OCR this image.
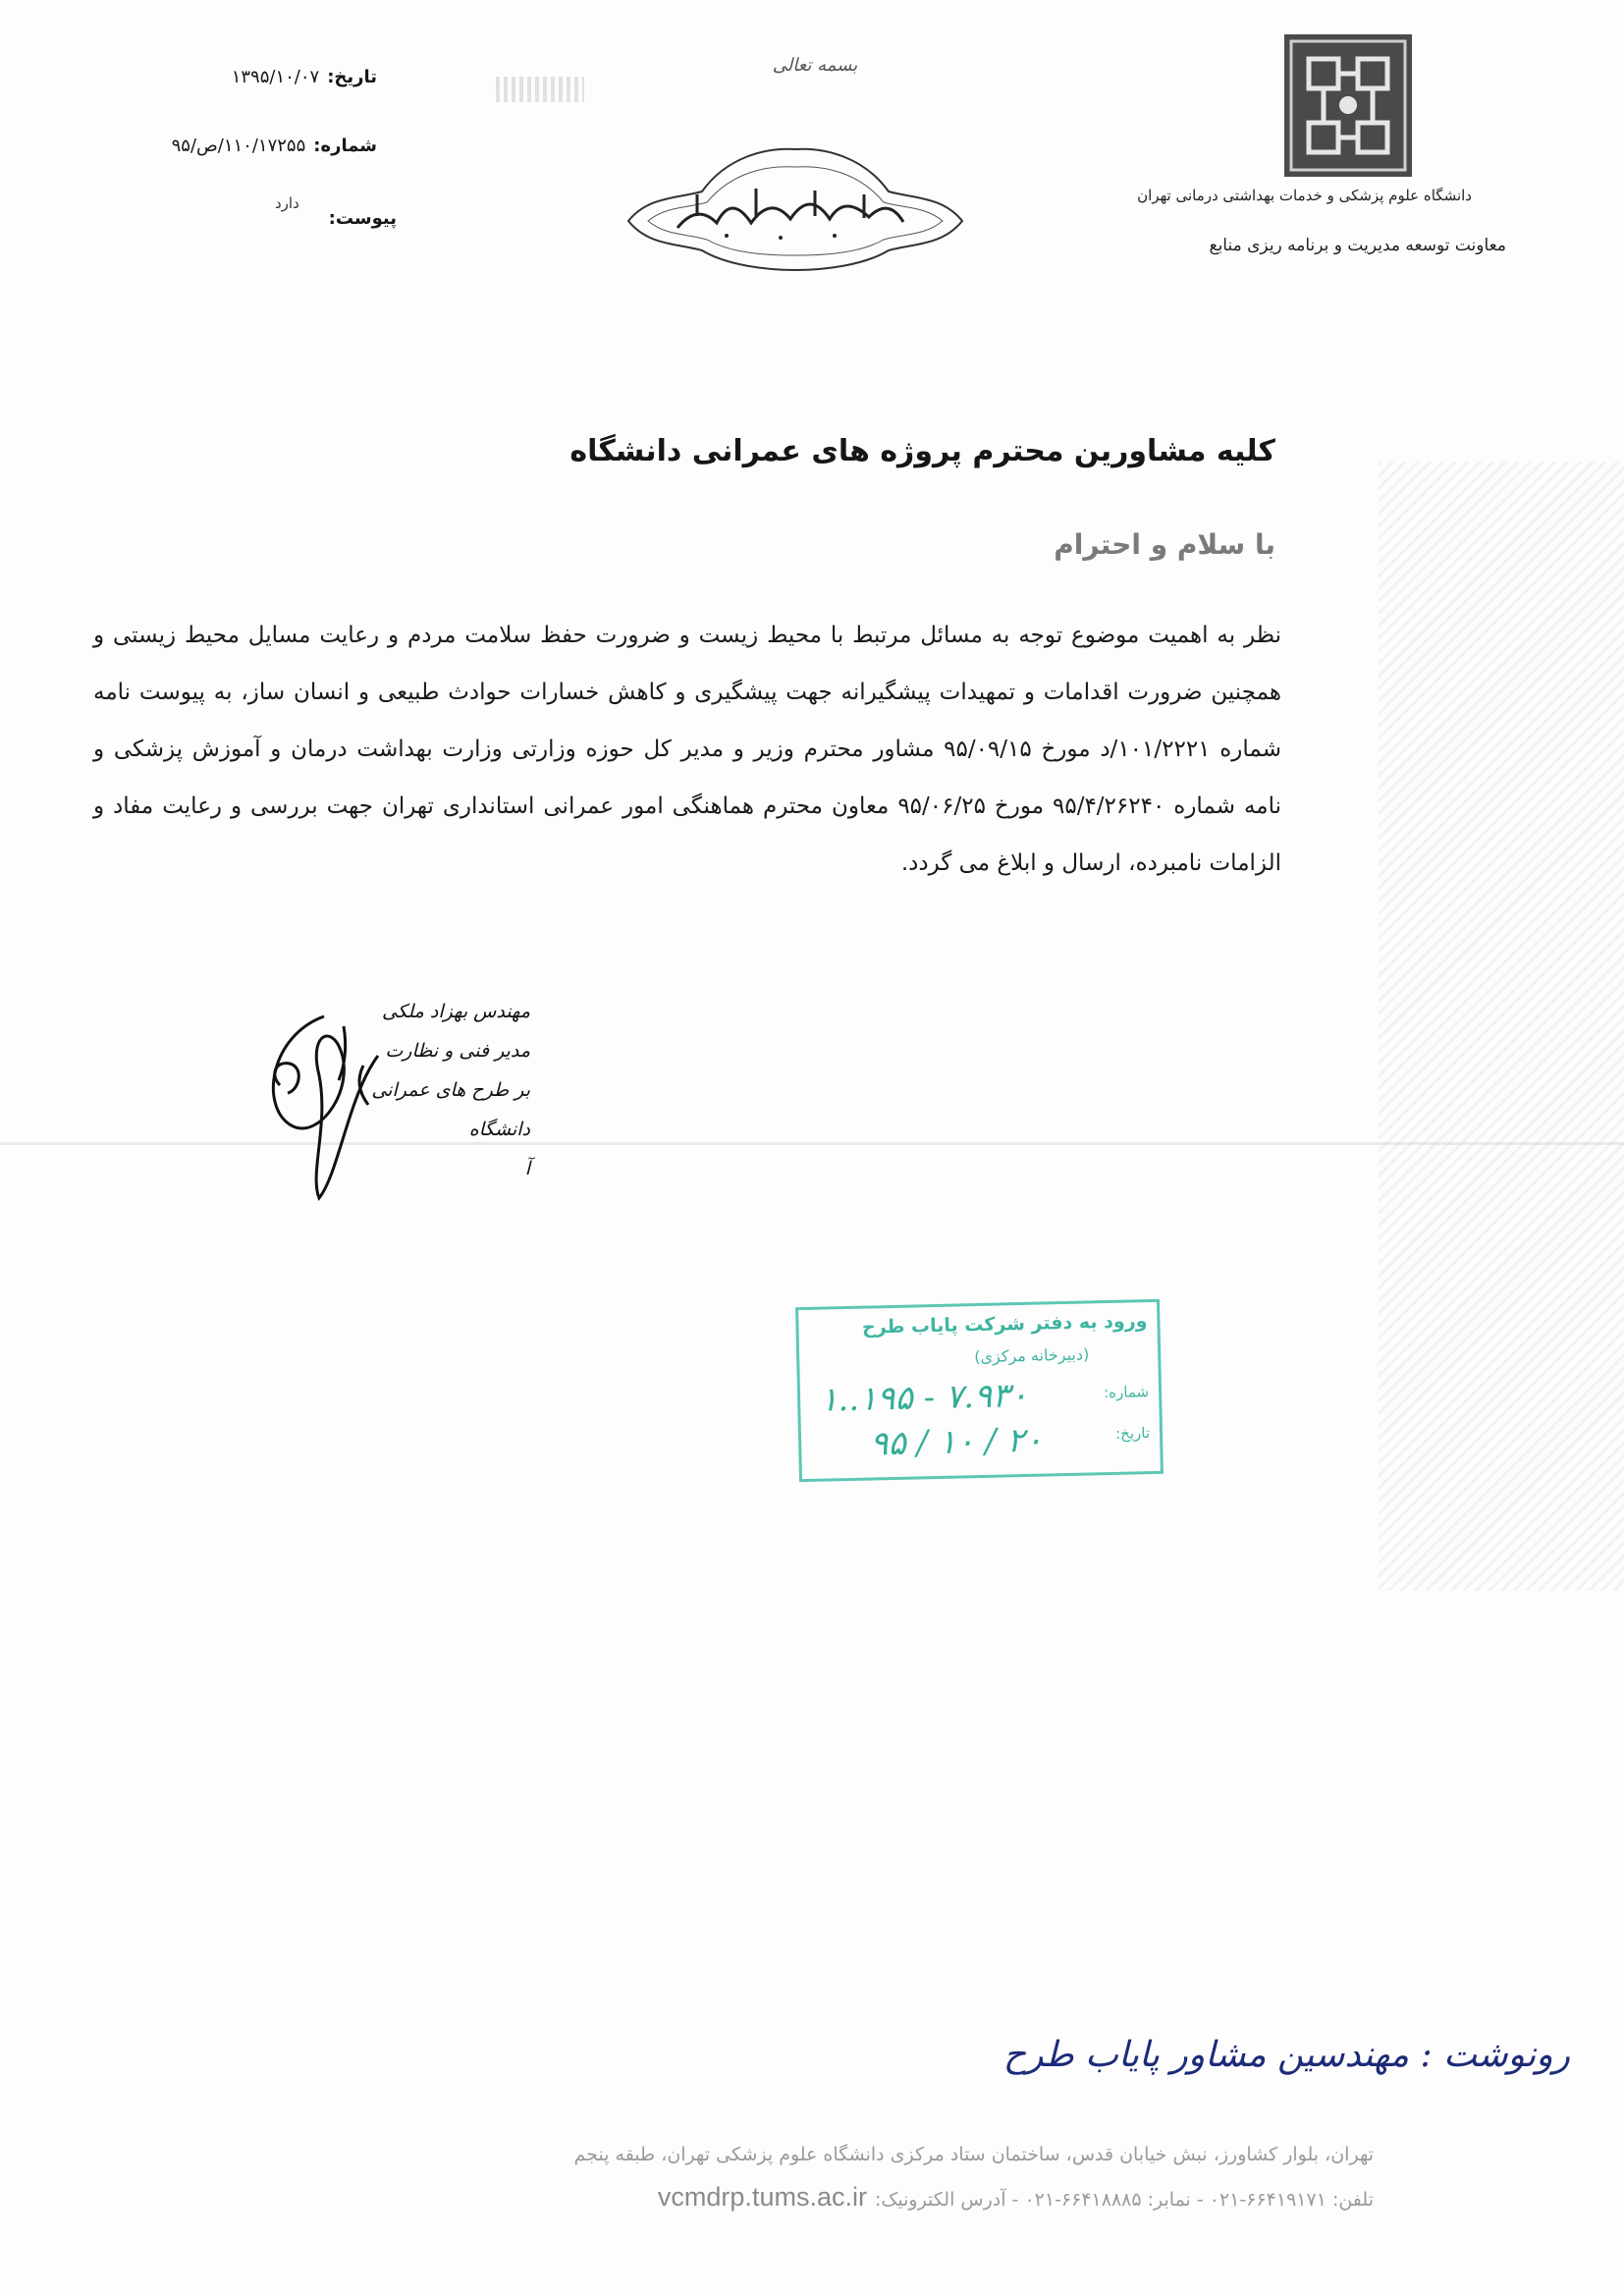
تاریخ:۱۳۹۵/۱۰/۰۷
شماره:۱۱۰/۱۷۲۵۵/ص/۹۵
پیوست:
دارد
بسمه تعالی
دانشگاه علوم پزشکی و خدمات بهداشتی درمانی تهران
معاونت توسعه مدیریت و برنامه ریزی منابع
کلیه مشاورین محترم پروژه های عمرانی دانشگاه
با سلام و احترام
نظر به اهمیت موضوع توجه به مسائل مرتبط با محیط زیست و ضرورت حفظ سلامت مردم و رعایت مسایل محیط زیستی و همچنین ضرورت اقدامات و تمهیدات پیشگیرانه جهت پیشگیری و کاهش خسارات حوادث طبیعی و انسان ساز، به پیوست نامه شماره ۱۰۱/۲۲۲۱/د مورخ ۹۵/۰۹/۱۵ مشاور محترم وزیر و مدیر کل حوزه وزارتی وزارت بهداشت درمان و آموزش پزشکی و نامه شماره ۹۵/۴/۲۶۲۴۰ مورخ ۹۵/۰۶/۲۵ معاون محترم هماهنگی امور عمرانی استانداری تهران جهت بررسی و رعایت مفاد و الزامات نامبرده، ارسال و ابلاغ می گردد.
مهندس بهزاد ملکی
مدیر فنی و نظارت
بر طرح های عمرانی دانشگاه
آ
ورود به دفتر شرکت پایاب طرح
(دبیرخانه مرکزی)
شماره:
تاریخ:
۱..۱۹۵ - ۷.۹۳۰
۹۵ / ۱۰ / ۲۰
رونوشت : مهندسین مشاور پایاب طرح
تهران، بلوار کشاورز، نبش خیابان قدس، ساختمان ستاد مرکزی دانشگاه علوم پزشکی تهران، طبقه پنجم
تلفن: ۶۶۴۱۹۱۷۱-۰۲۱ - نمابر: ۶۶۴۱۸۸۸۵-۰۲۱ - آدرس الکترونیک:vcmdrp.tums.ac.ir
